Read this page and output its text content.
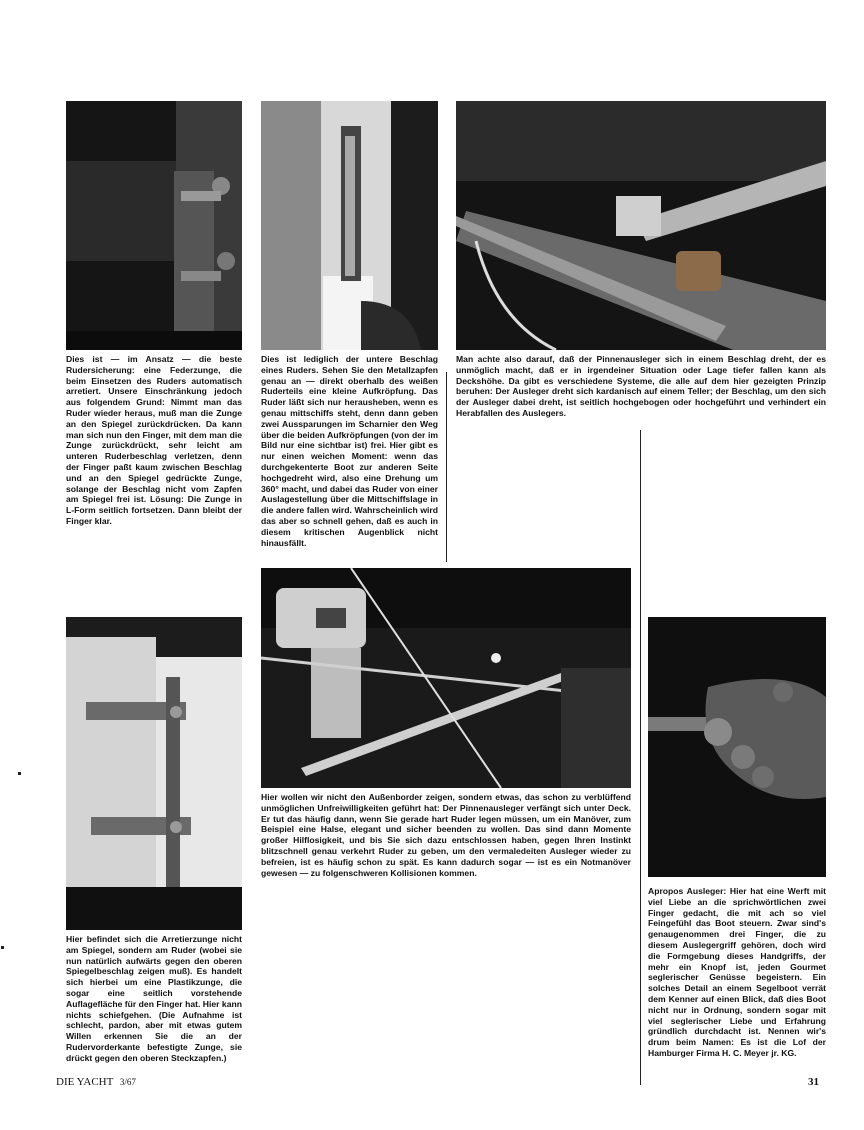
Dies ist — im Ansatz — die beste Rudersicherung: eine Federzunge, die beim Einsetzen des Ruders automatisch arretiert. Unsere Einschränkung jedoch aus folgendem Grund: Nimmt man das Ruder wieder heraus, muß man die Zunge an den Spiegel zurückdrücken. Da kann man sich nun den Finger, mit dem man die Zunge zurückdrückt, sehr leicht am unteren Ruderbeschlag verletzen, denn der Finger paßt kaum zwischen Beschlag und an den Spiegel gedrückte Zunge, solange der Beschlag nicht vom Zapfen am Spiegel frei ist. Lösung: Die Zunge in L-Form seitlich fortsetzen. Dann bleibt der Finger klar.

Dies ist lediglich der untere Beschlag eines Ruders. Sehen Sie den Metallzapfen genau an — direkt oberhalb des weißen Ruderteils eine kleine Aufkröpfung. Das Ruder läßt sich nur herausheben, wenn es genau mittschiffs steht, denn dann geben zwei Aussparungen im Scharnier den Weg über die beiden Aufkröpfungen (von der im Bild nur eine sichtbar ist) frei. Hier gibt es nur einen weichen Moment: wenn das durchgekenterte Boot zur anderen Seite hochgedreht wird, also eine Drehung um 360° macht, und dabei das Ruder von einer Auslagestellung über die Mittschiffslage in die andere fallen wird. Wahrscheinlich wird das aber so schnell gehen, daß es auch in diesem kritischen Augenblick nicht hinausfällt.

Man achte also darauf, daß der Pinnenausleger sich in einem Beschlag dreht, der es unmöglich macht, daß er in irgendeiner Situation oder Lage tiefer fallen kann als Deckshöhe. Da gibt es verschiedene Systeme, die alle auf dem hier gezeigten Prinzip beruhen: Der Ausleger dreht sich kardanisch auf einem Teller; der Beschlag, um den sich der Ausleger dabei dreht, ist seitlich hochgebogen oder hochgeführt und verhindert ein Herabfallen des Auslegers.

Hier befindet sich die Arretierzunge nicht am Spiegel, sondern am Ruder (wobei sie nun natürlich aufwärts gegen den oberen Spiegelbeschlag zeigen muß). Es handelt sich hierbei um eine Plastikzunge, die sogar eine seitlich vorstehende Auflagefläche für den Finger hat. Hier kann nichts schiefgehen. (Die Aufnahme ist schlecht, pardon, aber mit etwas gutem Willen erkennen Sie die an der Rudervorderkante befestigte Zunge, sie drückt gegen den oberen Steckzapfen.)

Hier wollen wir nicht den Außenborder zeigen, sondern etwas, das schon zu verblüffend unmöglichen Unfreiwilligkeiten geführt hat: Der Pinnenausleger verfängt sich unter Deck. Er tut das häufig dann, wenn Sie gerade hart Ruder legen müssen, um ein Manöver, zum Beispiel eine Halse, elegant und sicher beenden zu wollen. Das sind dann Momente großer Hilflosigkeit, und bis Sie sich dazu entschlossen haben, gegen Ihren Instinkt blitzschnell genau verkehrt Ruder zu geben, um den vermaledeiten Ausleger wieder zu befreien, ist es häufig schon zu spät. Es kann dadurch sogar — ist es ein Notmanöver gewesen — zu folgenschweren Kollisionen kommen.

Apropos Ausleger: Hier hat eine Werft mit viel Liebe an die sprichwörtlichen zwei Finger gedacht, die mit ach so viel Feingefühl das Boot steuern. Zwar sind's genaugenommen drei Finger, die zu diesem Auslegergriff gehören, doch wird die Formgebung dieses Handgriffs, der mehr ein Knopf ist, jeden Gourmet seglerischer Genüsse begeistern. Ein solches Detail an einem Segelboot verrät dem Kenner auf einen Blick, daß dies Boot nicht nur in Ordnung, sondern sogar mit viel seglerischer Liebe und Erfahrung gründlich durchdacht ist. Nennen wir's drum beim Namen: Es ist die Lof der Hamburger Firma H. C. Meyer jr. KG.

DIE YACHT 3/67	31
